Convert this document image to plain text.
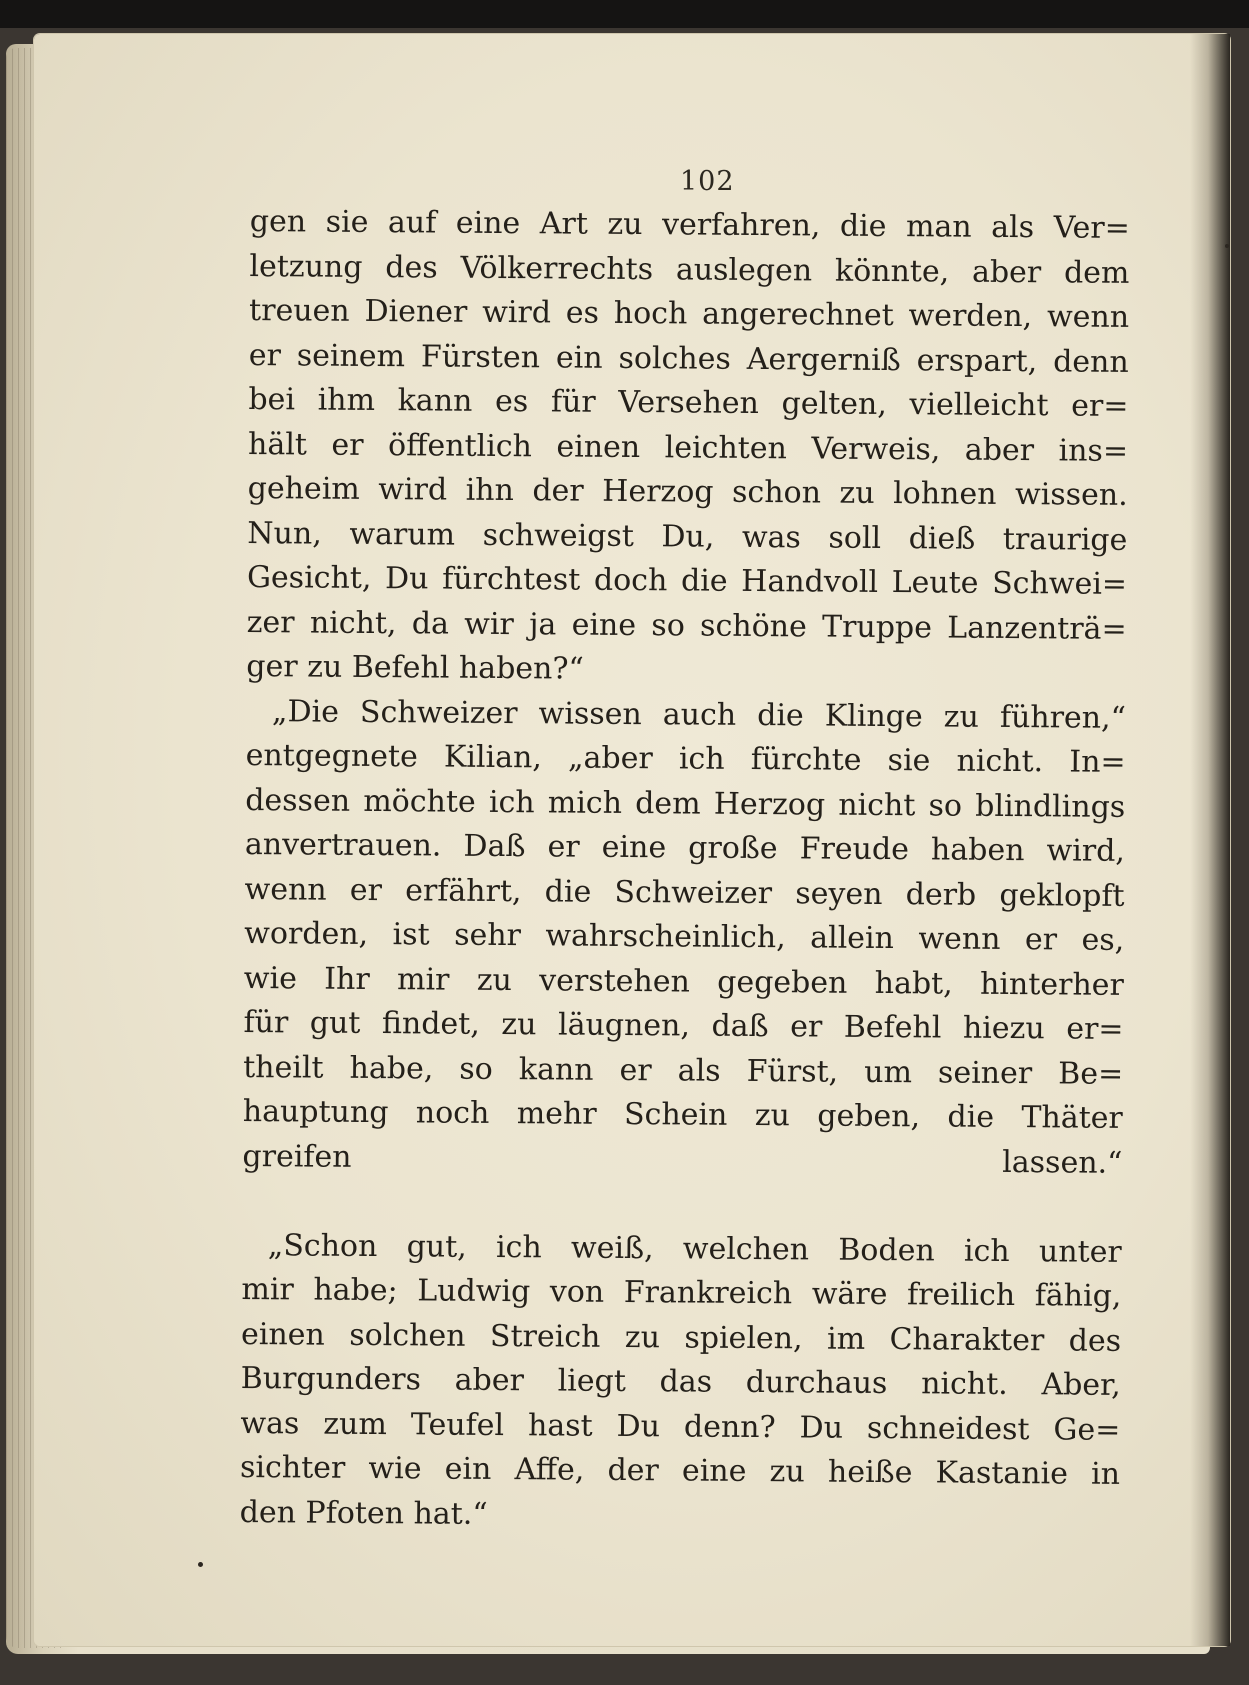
102
gen sie auf eine Art zu verfahren, die man als Ver=
letzung des Völkerrechts auslegen könnte, aber dem
treuen Diener wird es hoch angerechnet werden, wenn
er seinem Fürsten ein solches Aergerniß erspart, denn
bei ihm kann es für Versehen gelten, vielleicht er=
hält er öffentlich einen leichten Verweis, aber ins=
geheim wird ihn der Herzog schon zu lohnen wissen.
Nun, warum schweigst Du, was soll dieß traurige
Gesicht, Du fürchtest doch die Handvoll Leute Schwei=
zer nicht, da wir ja eine so schöne Truppe Lanzenträ=
ger zu Befehl haben?“
„Die Schweizer wissen auch die Klinge zu führen,“
entgegnete Kilian, „aber ich fürchte sie nicht. In=
dessen möchte ich mich dem Herzog nicht so blindlings
anvertrauen. Daß er eine große Freude haben wird,
wenn er erfährt, die Schweizer seyen derb geklopft
worden, ist sehr wahrscheinlich, allein wenn er es,
wie Ihr mir zu verstehen gegeben habt, hinterher
für gut findet, zu läugnen, daß er Befehl hiezu er=
theilt habe, so kann er als Fürst, um seiner Be=
hauptung noch mehr Schein zu geben, die Thäter
greifen lassen.“
„Schon gut, ich weiß, welchen Boden ich unter
mir habe; Ludwig von Frankreich wäre freilich fähig,
einen solchen Streich zu spielen, im Charakter des
Burgunders aber liegt das durchaus nicht. Aber,
was zum Teufel hast Du denn? Du schneidest Ge=
sichter wie ein Affe, der eine zu heiße Kastanie in
den Pfoten hat.“
